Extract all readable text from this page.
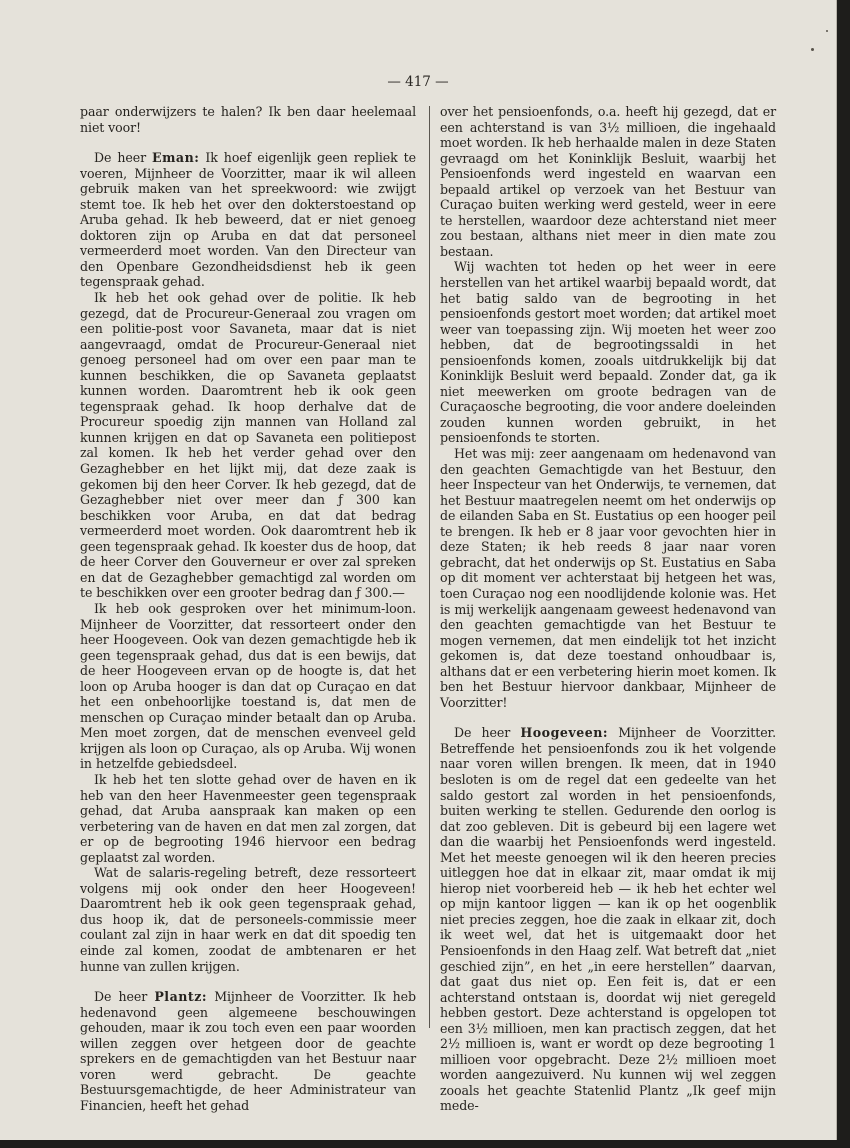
— 417 —

paar onderwijzers te halen? Ik ben daar heelemaal niet voor!

De heer Eman: Ik hoef eigenlijk geen repliek te voeren, Mijnheer de Voorzitter, maar ik wil alleen gebruik maken van het spreekwoord: wie zwijgt stemt toe. Ik heb het over den dokterstoestand op Aruba gehad. Ik heb beweerd, dat er niet genoeg doktoren zijn op Aruba en dat dat personeel vermeerderd moet worden. Van den Directeur van den Openbare Gezondheidsdienst heb ik geen tegenspraak gehad.

Ik heb het ook gehad over de politie. Ik heb gezegd, dat de Procureur-Generaal zou vragen om een politie-post voor Savaneta, maar dat is niet aangevraagd, omdat de Procureur-Generaal niet genoeg personeel had om over een paar man te kunnen beschikken, die op Savaneta geplaatst kunnen worden. Daaromtrent heb ik ook geen tegenspraak gehad. Ik hoop derhalve dat de Procureur spoedig zijn mannen van Holland zal kunnen krijgen en dat op Savaneta een politiepost zal komen. Ik heb het verder gehad over den Gezaghebber en het lijkt mij, dat deze zaak is gekomen bij den heer Corver. Ik heb gezegd, dat de Gezaghebber niet over meer dan ƒ 300 kan beschikken voor Aruba, en dat dat bedrag vermeerderd moet worden. Ook daaromtrent heb ik geen tegenspraak gehad. Ik koester dus de hoop, dat de heer Corver den Gouverneur er over zal spreken en dat de Gezaghebber gemachtigd zal worden om te beschikken over een grooter bedrag dan ƒ 300.—

Ik heb ook gesproken over het minimum-loon. Mijnheer de Voorzitter, dat ressorteert onder den heer Hoogeveen. Ook van dezen gemachtigde heb ik geen tegenspraak gehad, dus dat is een bewijs, dat de heer Hoogeveen ervan op de hoogte is, dat het loon op Aruba hooger is dan dat op Curaçao en dat het een onbehoorlijke toestand is, dat men de menschen op Curaçao minder betaalt dan op Aruba. Men moet zorgen, dat de menschen evenveel geld krijgen als loon op Curaçao, als op Aruba. Wij wonen in hetzelfde gebiedsdeel.

Ik heb het ten slotte gehad over de haven en ik heb van den heer Havenmeester geen tegenspraak gehad, dat Aruba aanspraak kan maken op een verbetering van de haven en dat men zal zorgen, dat er op de begrooting 1946 hiervoor een bedrag geplaatst zal worden.

Wat de salaris-regeling betreft, deze ressorteert volgens mij ook onder den heer Hoogeveen! Daaromtrent heb ik ook geen tegenspraak gehad, dus hoop ik, dat de personeels-commissie meer coulant zal zijn in haar werk en dat dit spoedig ten einde zal komen, zoodat de ambtenaren er het hunne van zullen krijgen.

De heer Plantz: Mijnheer de Voorzitter. Ik heb hedenavond geen algemeene beschouwingen gehouden, maar ik zou toch even een paar woorden willen zeggen over hetgeen door de geachte sprekers en de gemachtigden van het Bestuur naar voren werd gebracht. De geachte Bestuursgemachtigde, de heer Administrateur van Financien, heeft het gehad

over het pensioenfonds, o.a. heeft hij gezegd, dat er een achterstand is van 3½ millioen, die ingehaald moet worden. Ik heb herhaalde malen in deze Staten gevraagd om het Koninklijk Besluit, waarbij het Pensioenfonds werd ingesteld en waarvan een bepaald artikel op verzoek van het Bestuur van Curaçao buiten werking werd gesteld, weer in eere te herstellen, waardoor deze achterstand niet meer zou bestaan, althans niet meer in dien mate zou bestaan.

Wij wachten tot heden op het weer in eere herstellen van het artikel waarbij bepaald wordt, dat het batig saldo van de begrooting in het pensioenfonds gestort moet worden; dat artikel moet weer van toepassing zijn. Wij moeten het weer zoo hebben, dat de begrootingssaldi in het pensioenfonds komen, zooals uitdrukkelijk bij dat Koninklijk Besluit werd bepaald. Zonder dat, ga ik niet meewerken om groote bedragen van de Curaçaosche begrooting, die voor andere doeleinden zouden kunnen worden gebruikt, in het pensioenfonds te storten.

Het was mij: zeer aangenaam om hedenavond van den geachten Gemachtigde van het Bestuur, den heer Inspecteur van het Onderwijs, te vernemen, dat het Bestuur maatregelen neemt om het onderwijs op de eilanden Saba en St. Eustatius op een hooger peil te brengen. Ik heb er 8 jaar voor gevochten hier in deze Staten; ik heb reeds 8 jaar naar voren gebracht, dat het onderwijs op St. Eustatius en Saba op dit moment ver achterstaat bij hetgeen het was, toen Curaçao nog een noodlijdende kolonie was. Het is mij werkelijk aangenaam geweest hedenavond van den geachten gemachtigde van het Bestuur te mogen vernemen, dat men eindelijk tot het inzicht gekomen is, dat deze toestand onhoudbaar is, althans dat er een verbetering hierin moet komen. Ik ben het Bestuur hiervoor dankbaar, Mijnheer de Voorzitter!

De heer Hoogeveen: Mijnheer de Voorzitter. Betreffende het pensioenfonds zou ik het volgende naar voren willen brengen. Ik meen, dat in 1940 besloten is om de regel dat een gedeelte van het saldo gestort zal worden in het pensioenfonds, buiten werking te stellen. Gedurende den oorlog is dat zoo gebleven. Dit is gebeurd bij een lagere wet dan die waarbij het Pensioenfonds werd ingesteld. Met het meeste genoegen wil ik den heeren precies uitleggen hoe dat in elkaar zit, maar omdat ik mij hierop niet voorbereid heb — ik heb het echter wel op mijn kantoor liggen — kan ik op het oogenblik niet precies zeggen, hoe die zaak in elkaar zit, doch ik weet wel, dat het is uitgemaakt door het Pensioenfonds in den Haag zelf. Wat betreft dat „niet geschied zijn”, en het „in eere herstellen” daarvan, dat gaat dus niet op. Een feit is, dat er een achterstand ontstaan is, doordat wij niet geregeld hebben gestort. Deze achterstand is opgelopen tot een 3½ millioen, men kan practisch zeggen, dat het 2½ millioen is, want er wordt op deze begrooting 1 millioen voor opgebracht. Deze 2½ millioen moet worden aangezuiverd. Nu kunnen wij wel zeggen zooals het geachte Statenlid Plantz „Ik geef mijn mede-
